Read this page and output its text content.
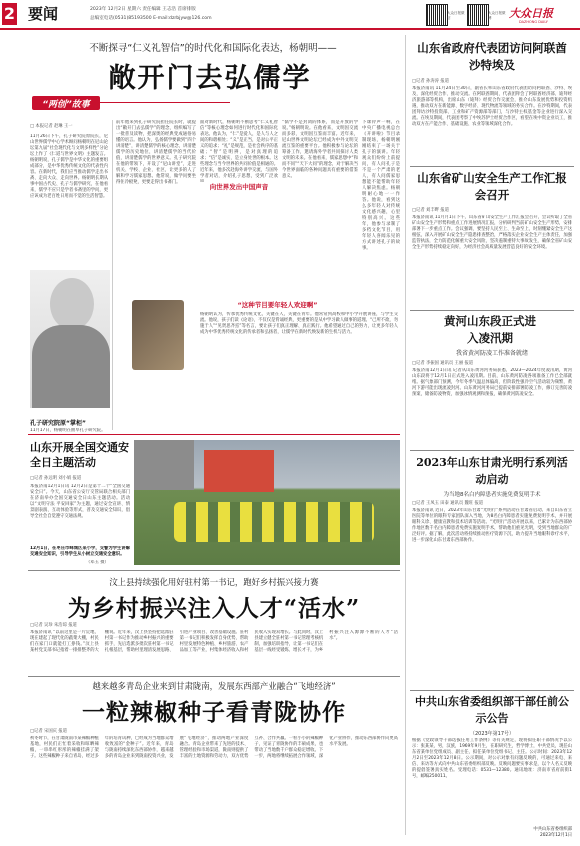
2 要闻	2023年 12月2日 星期六 责任编辑 王志浩 首席排版
总编室电话(0531)85193500 E-mail:dzrbjyw@126.com
大众日报微信
大众日报微博	大众日报
DAZHONG DAILY
不断探寻“仁义礼智信”的时代化和国际化表达，杨朝明——
敞开门去弘儒学
“两创”故事
□ 本报记者 赵琳 王一
11月26日下午，孔子研究院原院长，尼山世界儒学中心学术顾问杨朝明在尼山论坛第九届“社会现代化与文明多样性”分论坛上作了《仁道与世界文明》主题发言。杨朝明说，孔子儒学是中华文化的重要组成部分，是中华优秀传统文化的代表性内容。在新时代，我们应当推动儒学走出书斋、走向大众、走向世界。杨朝明长期从事中国古代史、孔子与儒学研究，在他看来，儒学不应只是学者书斋里的学问，更应该成为老百姓日用而不觉的生活智慧。
孔子研究院原“掌柜”
11月17日，杨朝明在曲阜孔子研究院。
前年他来到孔子研究院担任院长时，就提出“敞开门去弘儒学”的理念，组织编写了一批普及读物，把深奥的经典变成通俗易懂的语言。他认为，弘扬儒学要做到“四个讲清楚”，讲清楚儒学的核心理念，讲清楚儒学的历史地位，讲清楚儒学的当代价值，讲清楚儒学的世界意义。孔子研究院在他的带领下，开设了“尼山讲堂”，走进机关、学校、企业、社区，让更多的人了解和学习儒家思想。他常说，做学问要坐得住冷板凳，更要走得出书斋门。
面对新时代，杨朝明不断思考“仁义礼智信”等核心理念如何进行时代化和国际化表达。他认为，“仁”是爱人，是人与人之间的和谐相处；“义”是正当，是对公平正义的追求；“礼”是规范，是社会秩序的基础；“智”是明辨，是对真理的追求；“信”是诚实，是立身处世的根本。这些理念与当今世界的共同价值是相通的。近年来，他多次赴海外讲学交流，与国外学者对话，介绍孔子思想，受到广泛欢
向世界发出中国声音
“儒学不是封闭的体系，而是开放的学说。”杨朝明说。在他看来，文明因交流而多彩，文明因互鉴而丰富。近年来，尼山世界文明论坛已经成为中外文明交流互鉴的重要平台。他积极参与论坛的筹备工作，邀请海外学者共同探讨人类文明的未来。在他看来，儒家思想中“和而不同”“天下大同”的理念，对于解决当今世界面临的各种问题具有重要的借鉴意义。
“这种节目要年轻人欢迎啊”
下课铃声一响，在中央广播电视总台《开讲啦》节目录制现场，杨朝明刚刚结束了一场关于孔子的演讲。年轻观众们纷纷上前提问，有人问孔子是不是一个严肃的老人，有人问儒家思想能不能帮助年轻人解决焦虑。杨朝明耐心地一一作答。他说，看到这么多年轻人对传统文化感兴趣，心里特别高兴。这些年，他参与录制了多档文化节目，用年轻人喜闻乐见的方式讲述孔子的故事。
杨朝明认为，传承优秀传统文化，关键在人，关键在青年。他常常到高校和中小学开展讲座，与学生交流。他说，孩子们读《论语》，不仅仅是背诵经典，更重要的是从中学习做人做事的道理。“己所不欲，勿施于人”“见贤思齐焉”等名言，要让孩子们真正理解、真正践行。他希望通过自己的努力，让更多年轻人成为中华优秀传统文化的传承者和弘扬者，让儒学在新时代焕发新的生机与活力。
山东开展全国交通安全日主题活动
□记者 孙远明 刘小娟 报道
本报济南12月1日讯 12月2日是第十二个“全国交通安全日”。今天，山东省公安厅交管局联合相关部门在济南举办全国交通安全日山东主题活动。活动以“文明守法 平安回家”为主题，通过安全宣讲、情景剧表演、互动体验等形式，普及交通安全知识，倡导全社会自觉遵守交通法规。
12月1日，在枣庄市峄城区某小学，交警为学生讲解交通安全知识，引导学生从小树立交通安全意识。
（邓玉 摄）
汶上县持续强化用好驻村第一书记，跑好乡村振兴接力赛
为乡村振兴注入人才“活水”
□记者 吴珍 朱浩琼 报道
本报济南讯 “以前这里是一片荒地，现在建起了现代化的蔬菜大棚，村民们在家门口就能打工挣钱。”汶上县某村党支部书记指着一排排整齐的大棚说。近年来，汶上县坚持把选派驻村第一书记作为推动乡村振兴的重要抓手，先后选派多批次驻村第一书记扎根基层，帮助村里理清发展思路、引进产业项目、改善基础设施。驻村第一书记们积极发挥自身优势，帮助村里发展特色种植、乡村旅游、农产品加工等产业，村集体经济收入和村民收入实现双增长。与此同时，汶上县建立健全驻村第一书记管理考核机制，加强培训指导，让第一书记们在基层一线经受锻炼、增长才干，为乡村振兴注入源源不断的人才“活水”。
越来越多青岛企业来到甘肃陇南，发展东西部产业融合“飞地经济”
一粒辣椒种子看青陇协作
□记者 宋国庆 报道
初冬时节，在甘肃陇南市某辣椒种植基地，村民们正忙着采收和晾晒辣椒，一串串红彤彤的辣椒挂满了架子。这些辣椒种子来自青岛，经过多年的培育试种，已经成为当地群众增收致富的“金种子”。近年来，青岛与陇南持续深化东西部协作，越来越多的青岛企业来到陇南投资兴业，发展“飞地经济”，推动两地产业深度融合。青岛企业带来了先进的技术、管理经验和市场渠道，陇南则提供了丰富的土地资源和劳动力，双方优势互补、合作共赢。一粒小小的辣椒种子，见证了青陇协作的丰硕成果，也带动了当地数千户群众稳定增收。下一步，两地将继续拓展合作领域，深化产业协作，推动东西部协作向更高水平发展。
山东省政府代表团访问阿联酋沙特埃及
□记者 孙涛涛 报道
本报济南讯 11月24日至30日，副省长率山东省政府代表团访问阿联酋、沙特、埃及，深化经贸合作、推动交流。在阿联酋期间，代表团拜会了阿联酋经济部、迪拜经济旅游部等机构，出席山东（迪拜）经贸合作交流会，推介山东发展优势和投资机遇，推动双方在新能源、数字经济、现代物流等领域的务实合作。在沙特期间，代表团拜访沙特投资部、工业和矿产资源部等部门，与沙特主权基金等企业进行深入交流。在埃及期间，代表团考察了中埃苏伊士经贸合作区，看望在埃中资企业员工，推动双方在产能合作、基础设施、农业等领域深化合作。
山东省矿山安全生产工作汇报会召开
□记者 刘丰畔 报道
本报济南讯 11月月1日下午，山东省矿山安全生产工作汇报会召开，会议听取了全省矿山安全生产形势和重点工作进展情况汇报，分析研判当前矿山安全生产形势，安排部署下一步重点工作。会议强调，要坚持人民至上、生命至上，时刻绷紧安全生产这根弦，深入开展矿山安全生产隐患排查整治，严格落实企业安全生产主体责任，加强监管执法，全力防范化解重大安全风险，坚决遏制重特大事故发生，确保全省矿山安全生产形势持续稳定向好，为经济社会高质量发展营造良好的安全环境。
黄河山东段正式进入凌汛期
我省黄河防凌工作准备就绪
□记者 李振国 通讯员 王丽 报道
本报济南12月1日讯 记者从山东黄河河务局获悉，2023—2024年度凌汛期，黄河山东段将于12月1日正式进入凌汛期。目前，山东黄河防凌各项准备工作已全部就绪。据气象部门预测，今年冬季气温总体偏高，但阶段性强冷空气活动较为频繁，黄河下游可能出现流凌封河。山东黄河河务局已提前安排部署防凌工作，修订完善防凌预案，储备防凌物资，加强冰情观测和预报，确保黄河防凌安全。
2023年山东甘肃光明行系列活动启动
为当地8名白内障患者实施免费复明手术
□记者 王凤玉 田泰 通讯员 魏旺 报道
本报济南讯 近日，2023年山东甘肃“光明行”系列活动在甘肃省启动。来自山东省立医院等单位的眼科专家团队深入当地，为8名白内障患者实施免费复明手术，并开展眼科义诊、健康宣教和技术培训等活动。“光明行”活动开展以来，已累计为东西部协作地区数千名白内障患者免费实施复明手术，帮助他们重见光明，受到当地群众的广泛好评。据了解，此次活动将持续推动医疗资源下沉，助力提升当地眼科诊疗水平，进一步深化山东甘肃东西部协作。
中共山东省委组织部干部任前公示公告
（2023年第17号）
根据《党政领导干部选拔任用工作条例》等有关规定，现将拟任职干部情况予以公示：张某某，男，汉族，1969年9月生，在职研究生，哲学博士，中共党员，现任山东省某单位党组成员、副主任，拟任某单位党组书记、主任。公示时间：2023年12月2日至2023年12月8日。公示期间，对公示对象有问题反映的，可通过来电、来信、来访等方式向中共山东省委组织部反映。反映问题要实事求是，以个人名义反映的提倡签署真实姓名。受理电话：0531—12380。通讯地址：济南市省府前街1号，邮编250011。
中共山东省委组织部
2023年12月1日
